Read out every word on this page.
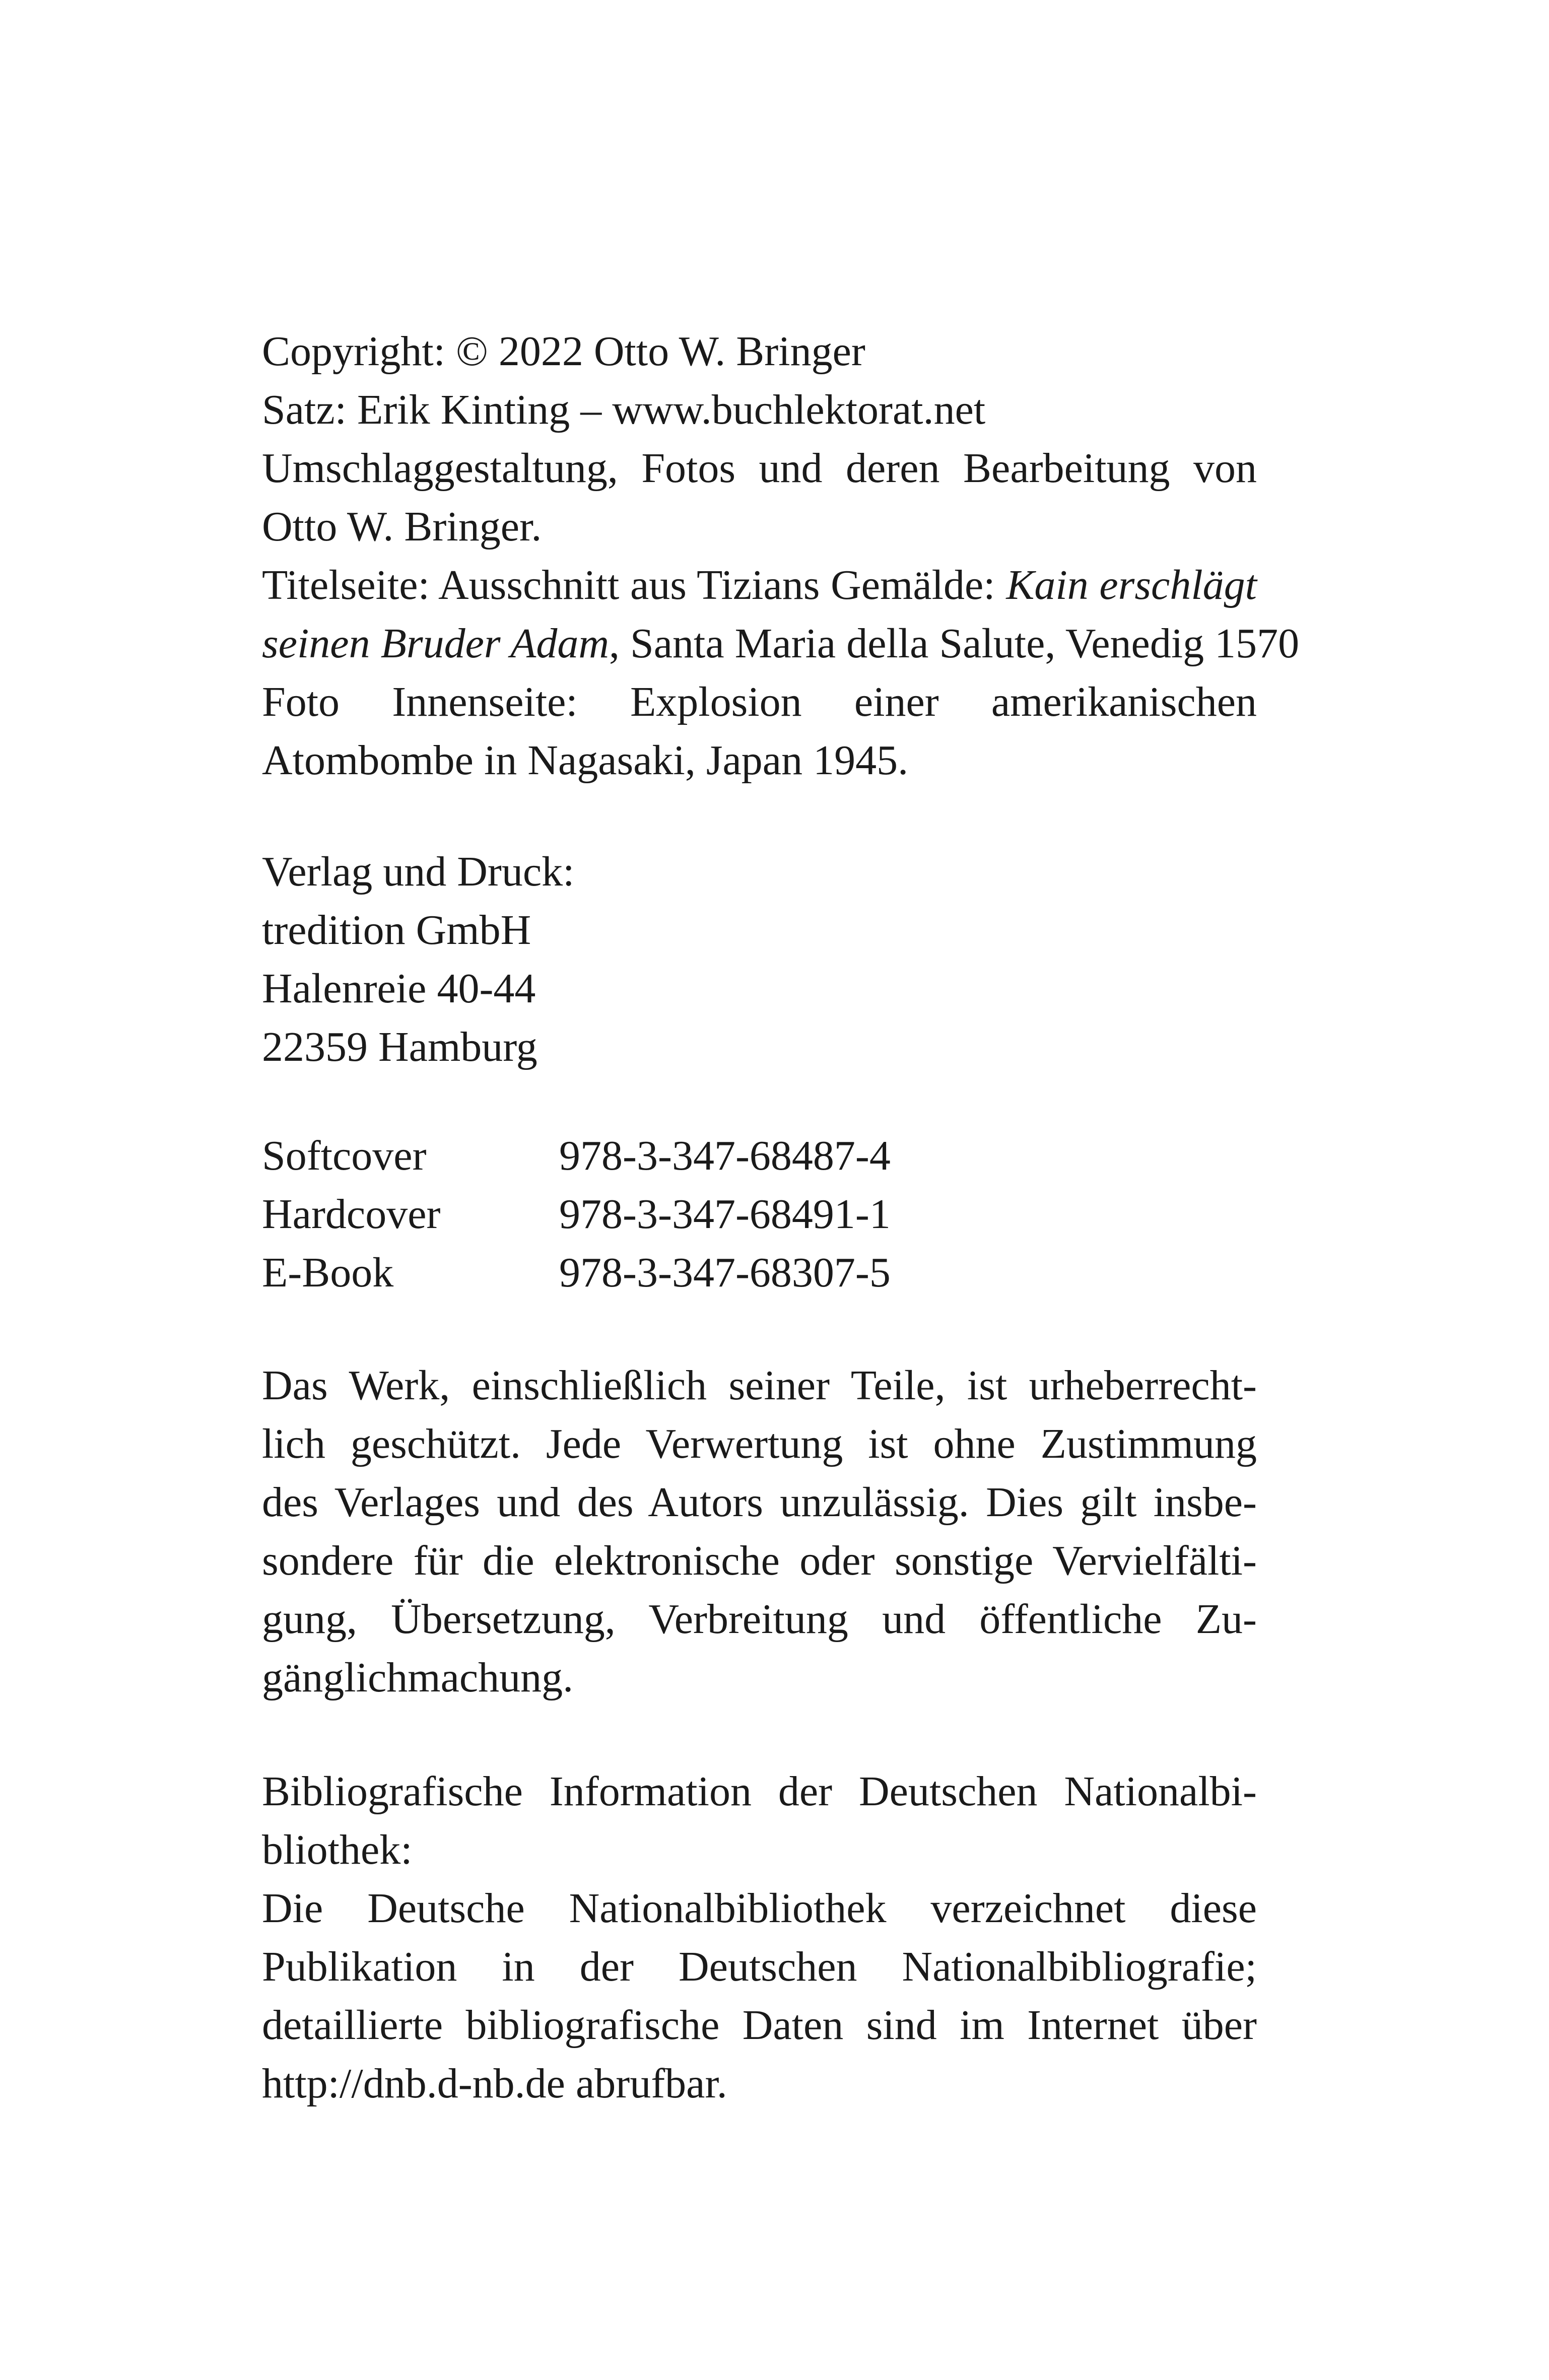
Copyright: © 2022 Otto W. Bringer
Satz: Erik Kinting – www.buchlektorat.net
Umschlaggestaltung, Fotos und deren Bearbeitung von
Otto W. Bringer.
Titelseite: Ausschnitt aus Tizians Gemälde: Kain erschlägt
seinen Bruder Adam, Santa Maria della Salute, Venedig 1570
Foto Innenseite: Explosion einer amerikanischen
Atombombe in Nagasaki, Japan 1945.
Verlag und Druck:
tredition GmbH
Halenreie 40-44
22359 Hamburg
Softcover	978-3-347-68487-4
Hardcover	978-3-347-68491-1
E-Book	978-3-347-68307-5
Das Werk, einschließlich seiner Teile, ist urheberrecht-
lich geschützt. Jede Verwertung ist ohne Zustimmung
des Verlages und des Autors unzulässig. Dies gilt insbe-
sondere für die elektronische oder sonstige Vervielfälti-
gung, Übersetzung, Verbreitung und öffentliche Zu-
gänglichmachung.
Bibliografische Information der Deutschen Nationalbi-
bliothek:
Die Deutsche Nationalbibliothek verzeichnet diese
Publikation in der Deutschen Nationalbibliografie;
detaillierte bibliografische Daten sind im Internet über
http://dnb.d-nb.de abrufbar.
